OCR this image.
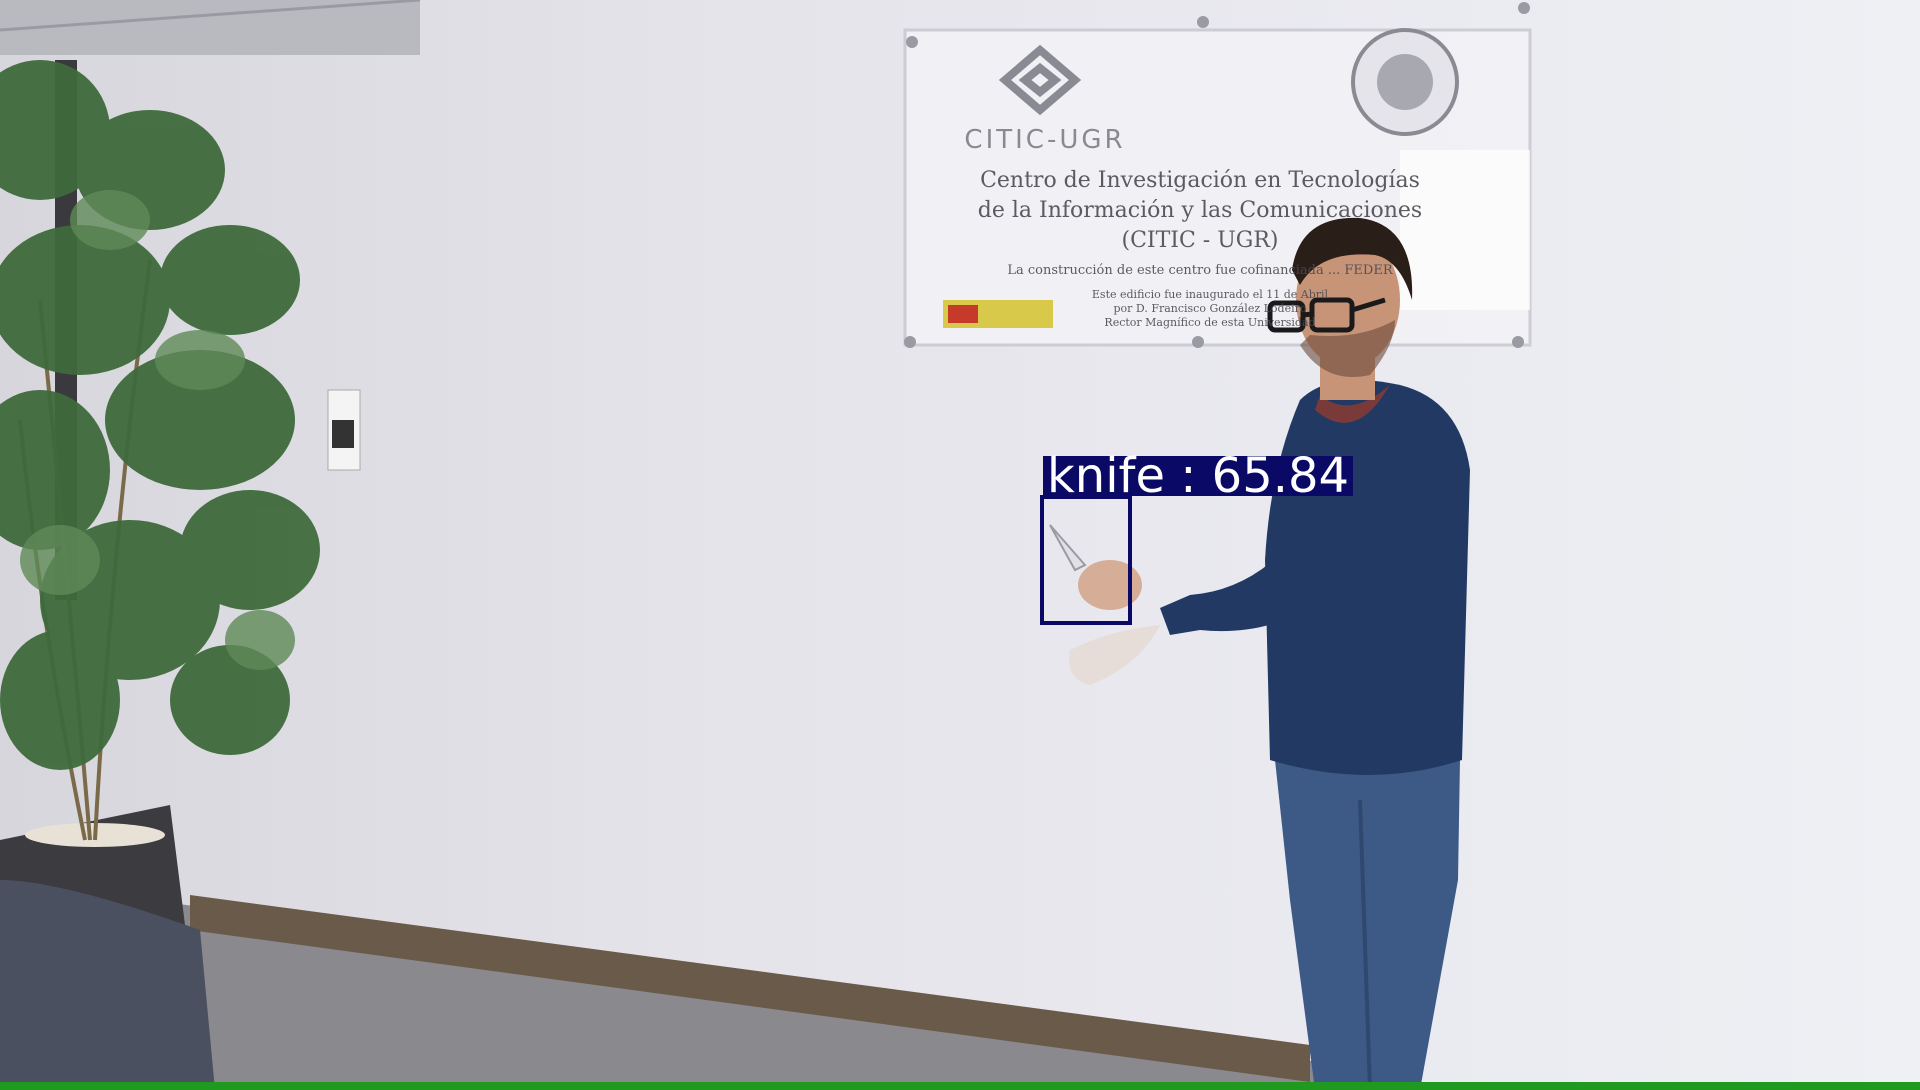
CITIC-UGR
Centro de Investigación en Tecnologías
de la Información y las Comunicaciones
(CITIC - UGR)
La construcción de este centro fue cofinanciada ... FEDER
Este edificio fue inaugurado el 11 de Abril
por D. Francisco González Lodeiro
Rector Magnífico de esta Universidad
knife : 65.84
